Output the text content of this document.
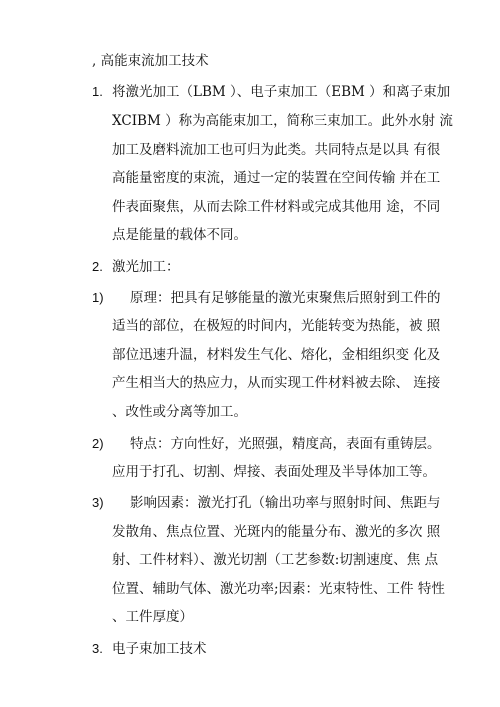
, 高能束流加工技术
1. 将激光加工（LBM ）、电子束加工（EBM ）和离子束加
XCIBM ）称为高能束加工，简称三束加工。此外水射 流
加工及磨料流加工也可归为此类。共同特点是以具 有很
高能量密度的束流，通过一定的装置在空间传输 并在工
件表面聚焦，从而去除工件材料或完成其他用 途，不同
点是能量的载体不同。
2. 激光加工：
1) 原理：把具有足够能量的激光束聚焦后照射到工件的
适当的部位，在极短的时间内，光能转变为热能，被 照
部位迅速升温，材料发生气化、熔化，金相组织变 化及
产生相当大的热应力，从而实现工件材料被去除、 连接
、改性或分离等加工。
2) 特点：方向性好，光照强，精度高，表面有重铸层。
应用于打孔、切割、焊接、表面处理及半导体加工等。
3) 影响因素：激光打孔（输出功率与照射时间、焦距与
发散角、焦点位置、光斑内的能量分布、激光的多次 照
射、工件材料）、激光切割（工艺参数:切割速度、焦 点
位置、辅助气体、激光功率;因素：光束特性、工件 特性
、工件厚度）
3. 电子束加工技术
